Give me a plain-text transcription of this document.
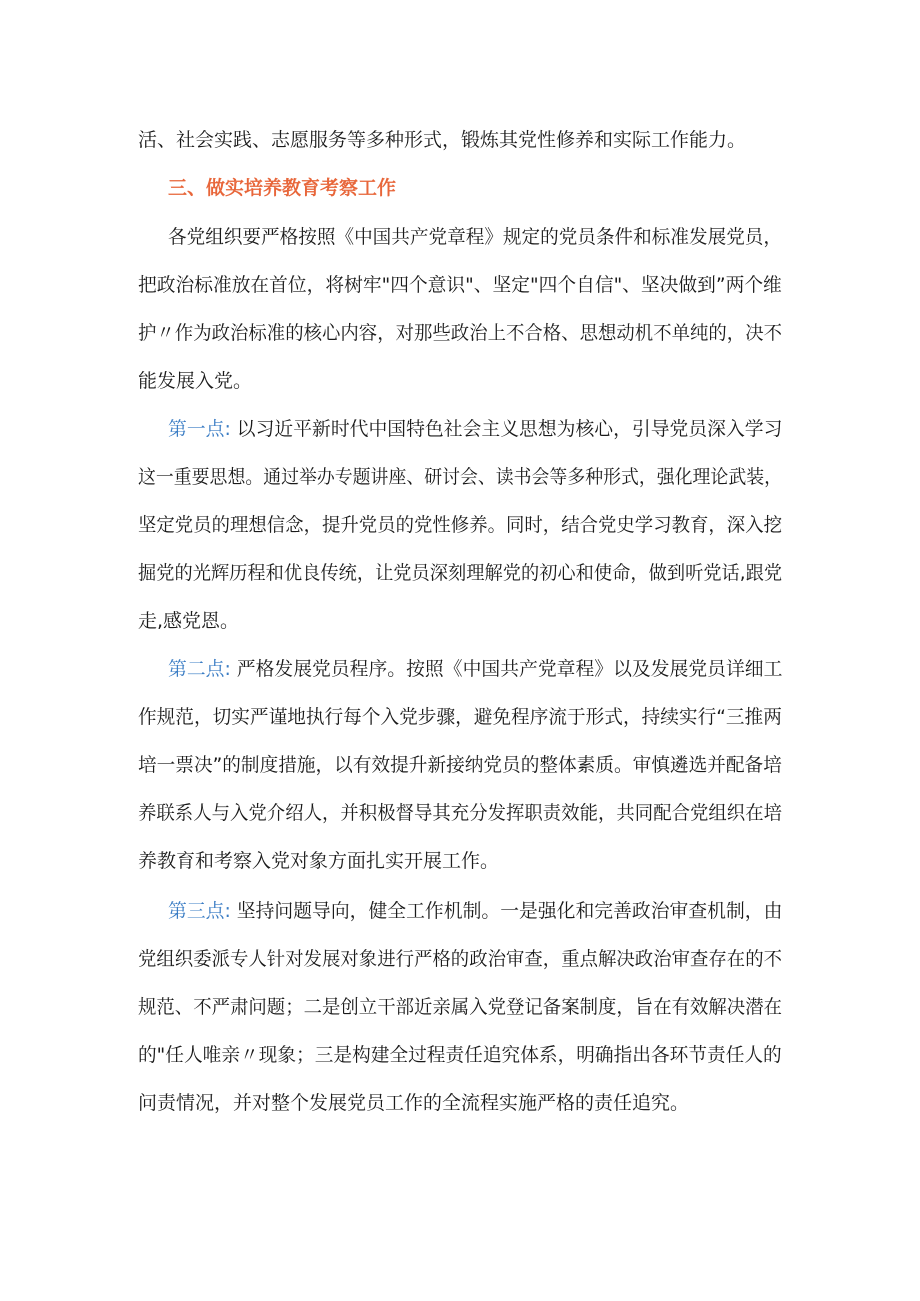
活、社会实践、志愿服务等多种形式，锻炼其党性修养和实际工作能力。
三、做实培养教育考察工作
各党组织要严格按照《中国共产党章程》规定的党员条件和标准发展党员，
把政治标准放在首位，将树牢"四个意识"、坚定"四个自信"、坚决做到”两个维
护〃作为政治标准的核心内容，对那些政治上不合格、思想动机不单纯的，决不
能发展入党。
第一点: 以习近平新时代中国特色社会主义思想为核心，引导党员深入学习
这一重要思想。通过举办专题讲座、研讨会、读书会等多种形式，强化理论武装，
坚定党员的理想信念，提升党员的党性修养。同时，结合党史学习教育，深入挖
掘党的光辉历程和优良传统，让党员深刻理解党的初心和使命，做到听党话,跟党
走,感党恩。
第二点: 严格发展党员程序。按照《中国共产党章程》以及发展党员详细工
作规范，切实严谨地执行每个入党步骤，避免程序流于形式，持续实行“三推两
培一票决”的制度措施，以有效提升新接纳党员的整体素质。审慎遴选并配备培
养联系人与入党介绍人，并积极督导其充分发挥职责效能，共同配合党组织在培
养教育和考察入党对象方面扎实开展工作。
第三点: 坚持问题导向，健全工作机制。一是强化和完善政治审查机制，由
党组织委派专人针对发展对象进行严格的政治审查，重点解决政治审查存在的不
规范、不严肃问题；二是创立干部近亲属入党登记备案制度，旨在有效解决潜在
的"任人唯亲〃现象；三是构建全过程责任追究体系，明确指出各环节责任人的
问责情况，并对整个发展党员工作的全流程实施严格的责任追究。
